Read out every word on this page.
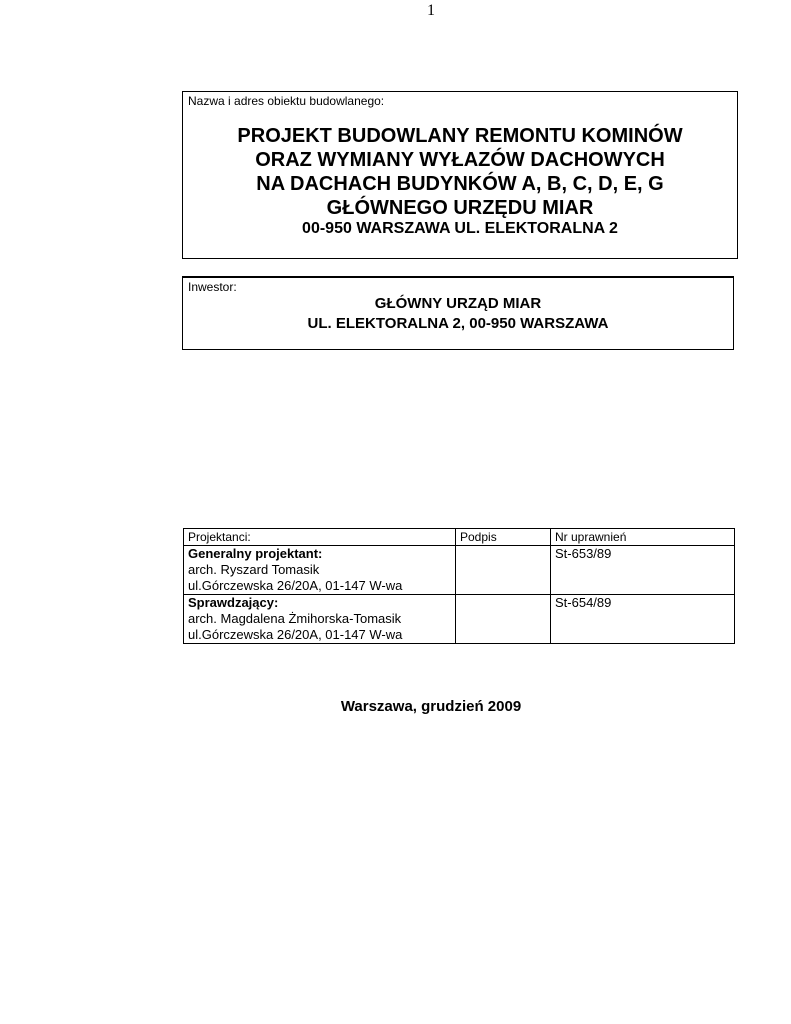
1
Nazwa i adres obiektu budowlanego:
PROJEKT BUDOWLANY REMONTU KOMINÓW
ORAZ WYMIANY WYŁAZÓW DACHOWYCH
NA DACHACH BUDYNKÓW A, B, C, D, E, G
GŁÓWNEGO URZĘDU MIAR
00-950 WARSZAWA UL. ELEKTORALNA 2
Inwestor:
GŁÓWNY URZĄD MIAR
UL. ELEKTORALNA 2, 00-950 WARSZAWA
Projektanci:	Podpis	Nr uprawnień

Generalny projektant:
arch. Ryszard Tomasik
ul.Górczewska 26/20A, 01-147 W-wa		St-653/89

Sprawdzający:
arch. Magdalena Żmihorska-Tomasik
ul.Górczewska 26/20A, 01-147 W-wa		St-654/89
Warszawa, grudzień 2009
